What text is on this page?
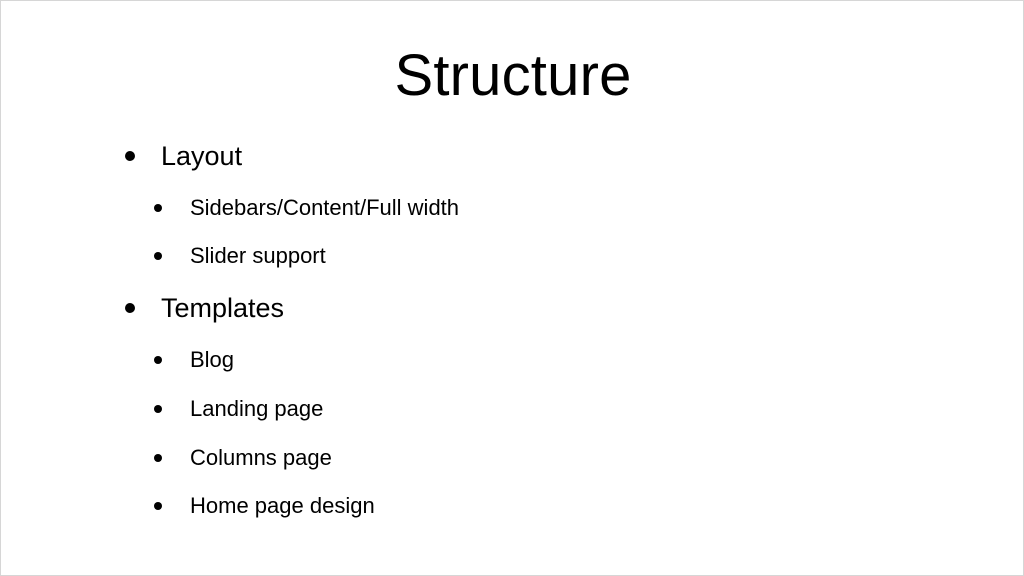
Structure
Layout
Sidebars/Content/Full width
Slider support
Templates
Blog
Landing page
Columns page
Home page design
